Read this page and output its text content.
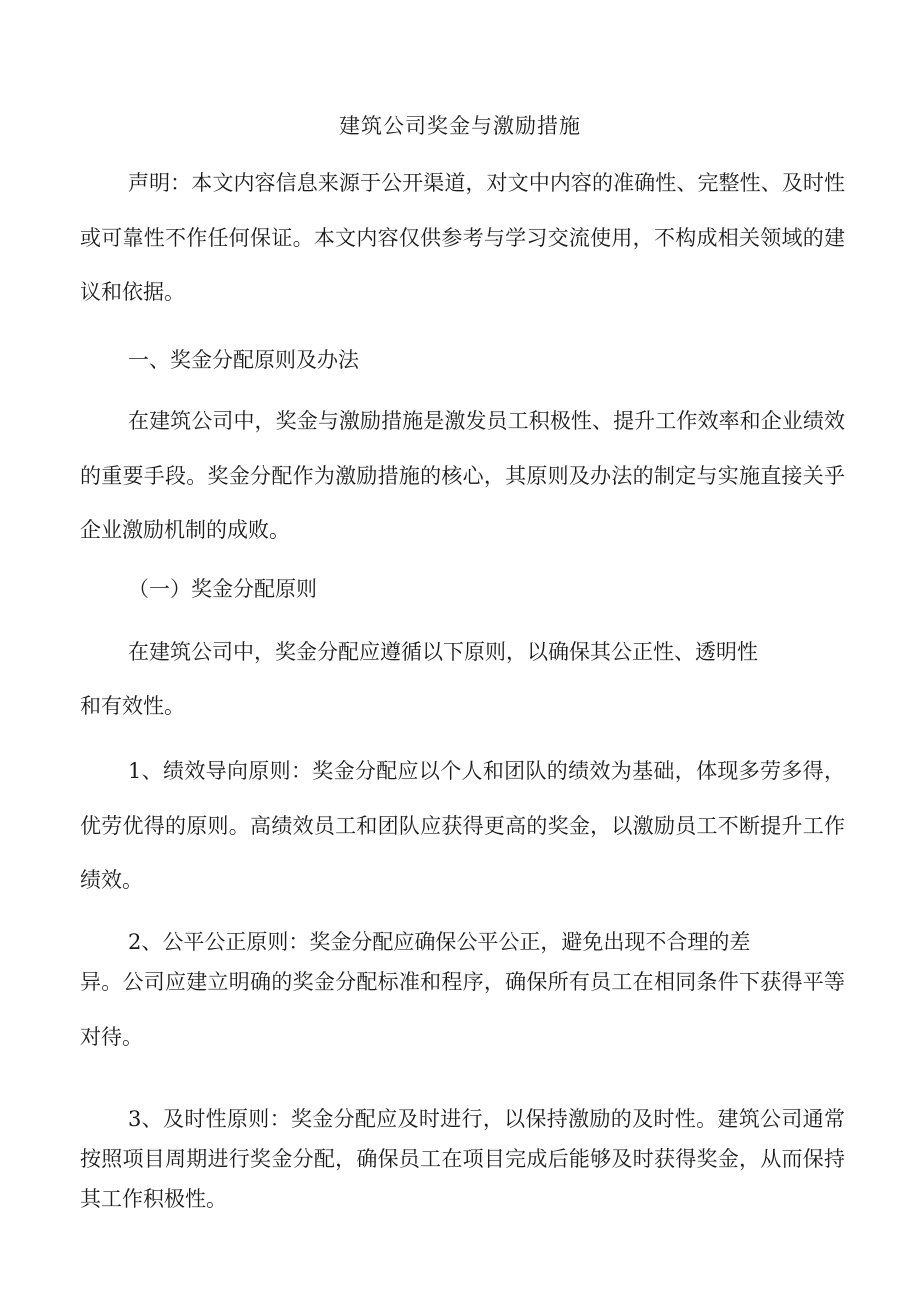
建筑公司奖金与激励措施
声明：本文内容信息来源于公开渠道，对文中内容的准确性、完整性、及时性或可靠性不作任何保证。本文内容仅供参考与学习交流使用，不构成相关领域的建议和依据。
一、奖金分配原则及办法
在建筑公司中，奖金与激励措施是激发员工积极性、提升工作效率和企业绩效的重要手段。奖金分配作为激励措施的核心，其原则及办法的制定与实施直接关乎企业激励机制的成败。
（一）奖金分配原则
在建筑公司中，奖金分配应遵循以下原则，以确保其公正性、透明性
和有效性。
1、绩效导向原则：奖金分配应以个人和团队的绩效为基础，体现多劳多得，优劳优得的原则。高绩效员工和团队应获得更高的奖金，以激励员工不断提升工作绩效。
2、公平公正原则：奖金分配应确保公平公正，避免出现不合理的差
异。公司应建立明确的奖金分配标准和程序，确保所有员工在相同条件下获得平等对待。
3、及时性原则：奖金分配应及时进行，以保持激励的及时性。建筑公司通常按照项目周期进行奖金分配，确保员工在项目完成后能够及时获得奖金，从而保持其工作积极性。
